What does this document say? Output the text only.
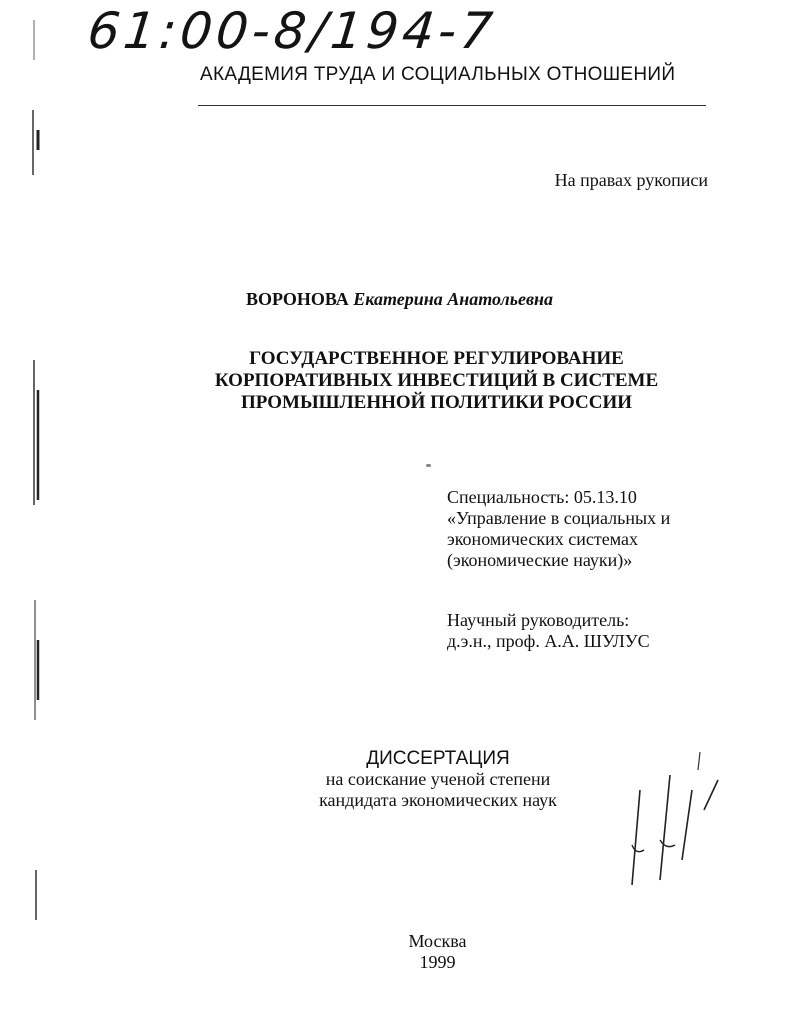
61:00-8/194-7
АКАДЕМИЯ ТРУДА И СОЦИАЛЬНЫХ ОТНОШЕНИЙ
На правах рукописи
ВОРОНОВА Екатерина Анатольевна
ГОСУДАРСТВЕННОЕ РЕГУЛИРОВАНИЕ
КОРПОРАТИВНЫХ ИНВЕСТИЦИЙ В СИСТЕМЕ
ПРОМЫШЛЕННОЙ ПОЛИТИКИ РОССИИ
Специальность: 05.13.10
«Управление в социальных и
экономических системах
(экономические науки)»
Научный руководитель:
д.э.н., проф. А.А. ШУЛУС
ДИССЕРТАЦИЯ
на соискание ученой степени
кандидата экономических наук
Москва
1999
